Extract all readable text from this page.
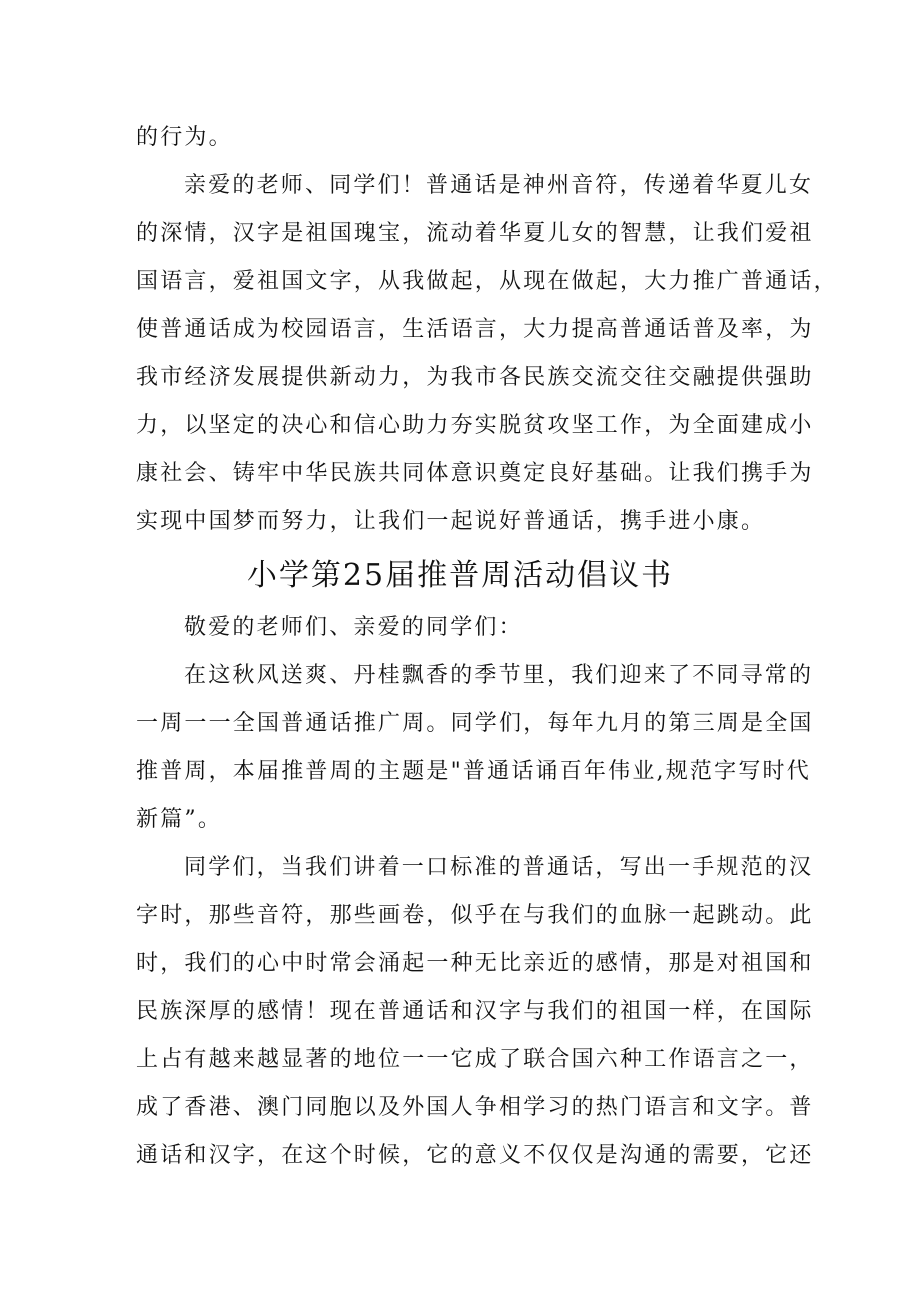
的行为。
亲爱的老师、同学们！普通话是神州音符，传递着华夏儿女
的深情，汉字是祖国瑰宝，流动着华夏儿女的智慧，让我们爱祖
国语言，爱祖国文字，从我做起，从现在做起，大力推广普通话，
使普通话成为校园语言，生活语言，大力提高普通话普及率，为
我市经济发展提供新动力，为我市各民族交流交往交融提供强助
力，以坚定的决心和信心助力夯实脱贫攻坚工作，为全面建成小
康社会、铸牢中华民族共同体意识奠定良好基础。让我们携手为
实现中国梦而努力，让我们一起说好普通话，携手进小康。
小学第25届推普周活动倡议书
敬爱的老师们、亲爱的同学们：
在这秋风送爽、丹桂飘香的季节里，我们迎来了不同寻常的
一周一一全国普通话推广周。同学们，每年九月的第三周是全国
推普周，本届推普周的主题是"普通话诵百年伟业,规范字写时代
新篇”。
同学们，当我们讲着一口标准的普通话，写出一手规范的汉
字时，那些音符，那些画卷，似乎在与我们的血脉一起跳动。此
时，我们的心中时常会涌起一种无比亲近的感情，那是对祖国和
民族深厚的感情！现在普通话和汉字与我们的祖国一样，在国际
上占有越来越显著的地位一一它成了联合国六种工作语言之一，
成了香港、澳门同胞以及外国人争相学习的热门语言和文字。普
通话和汉字，在这个时候，它的意义不仅仅是沟通的需要，它还
